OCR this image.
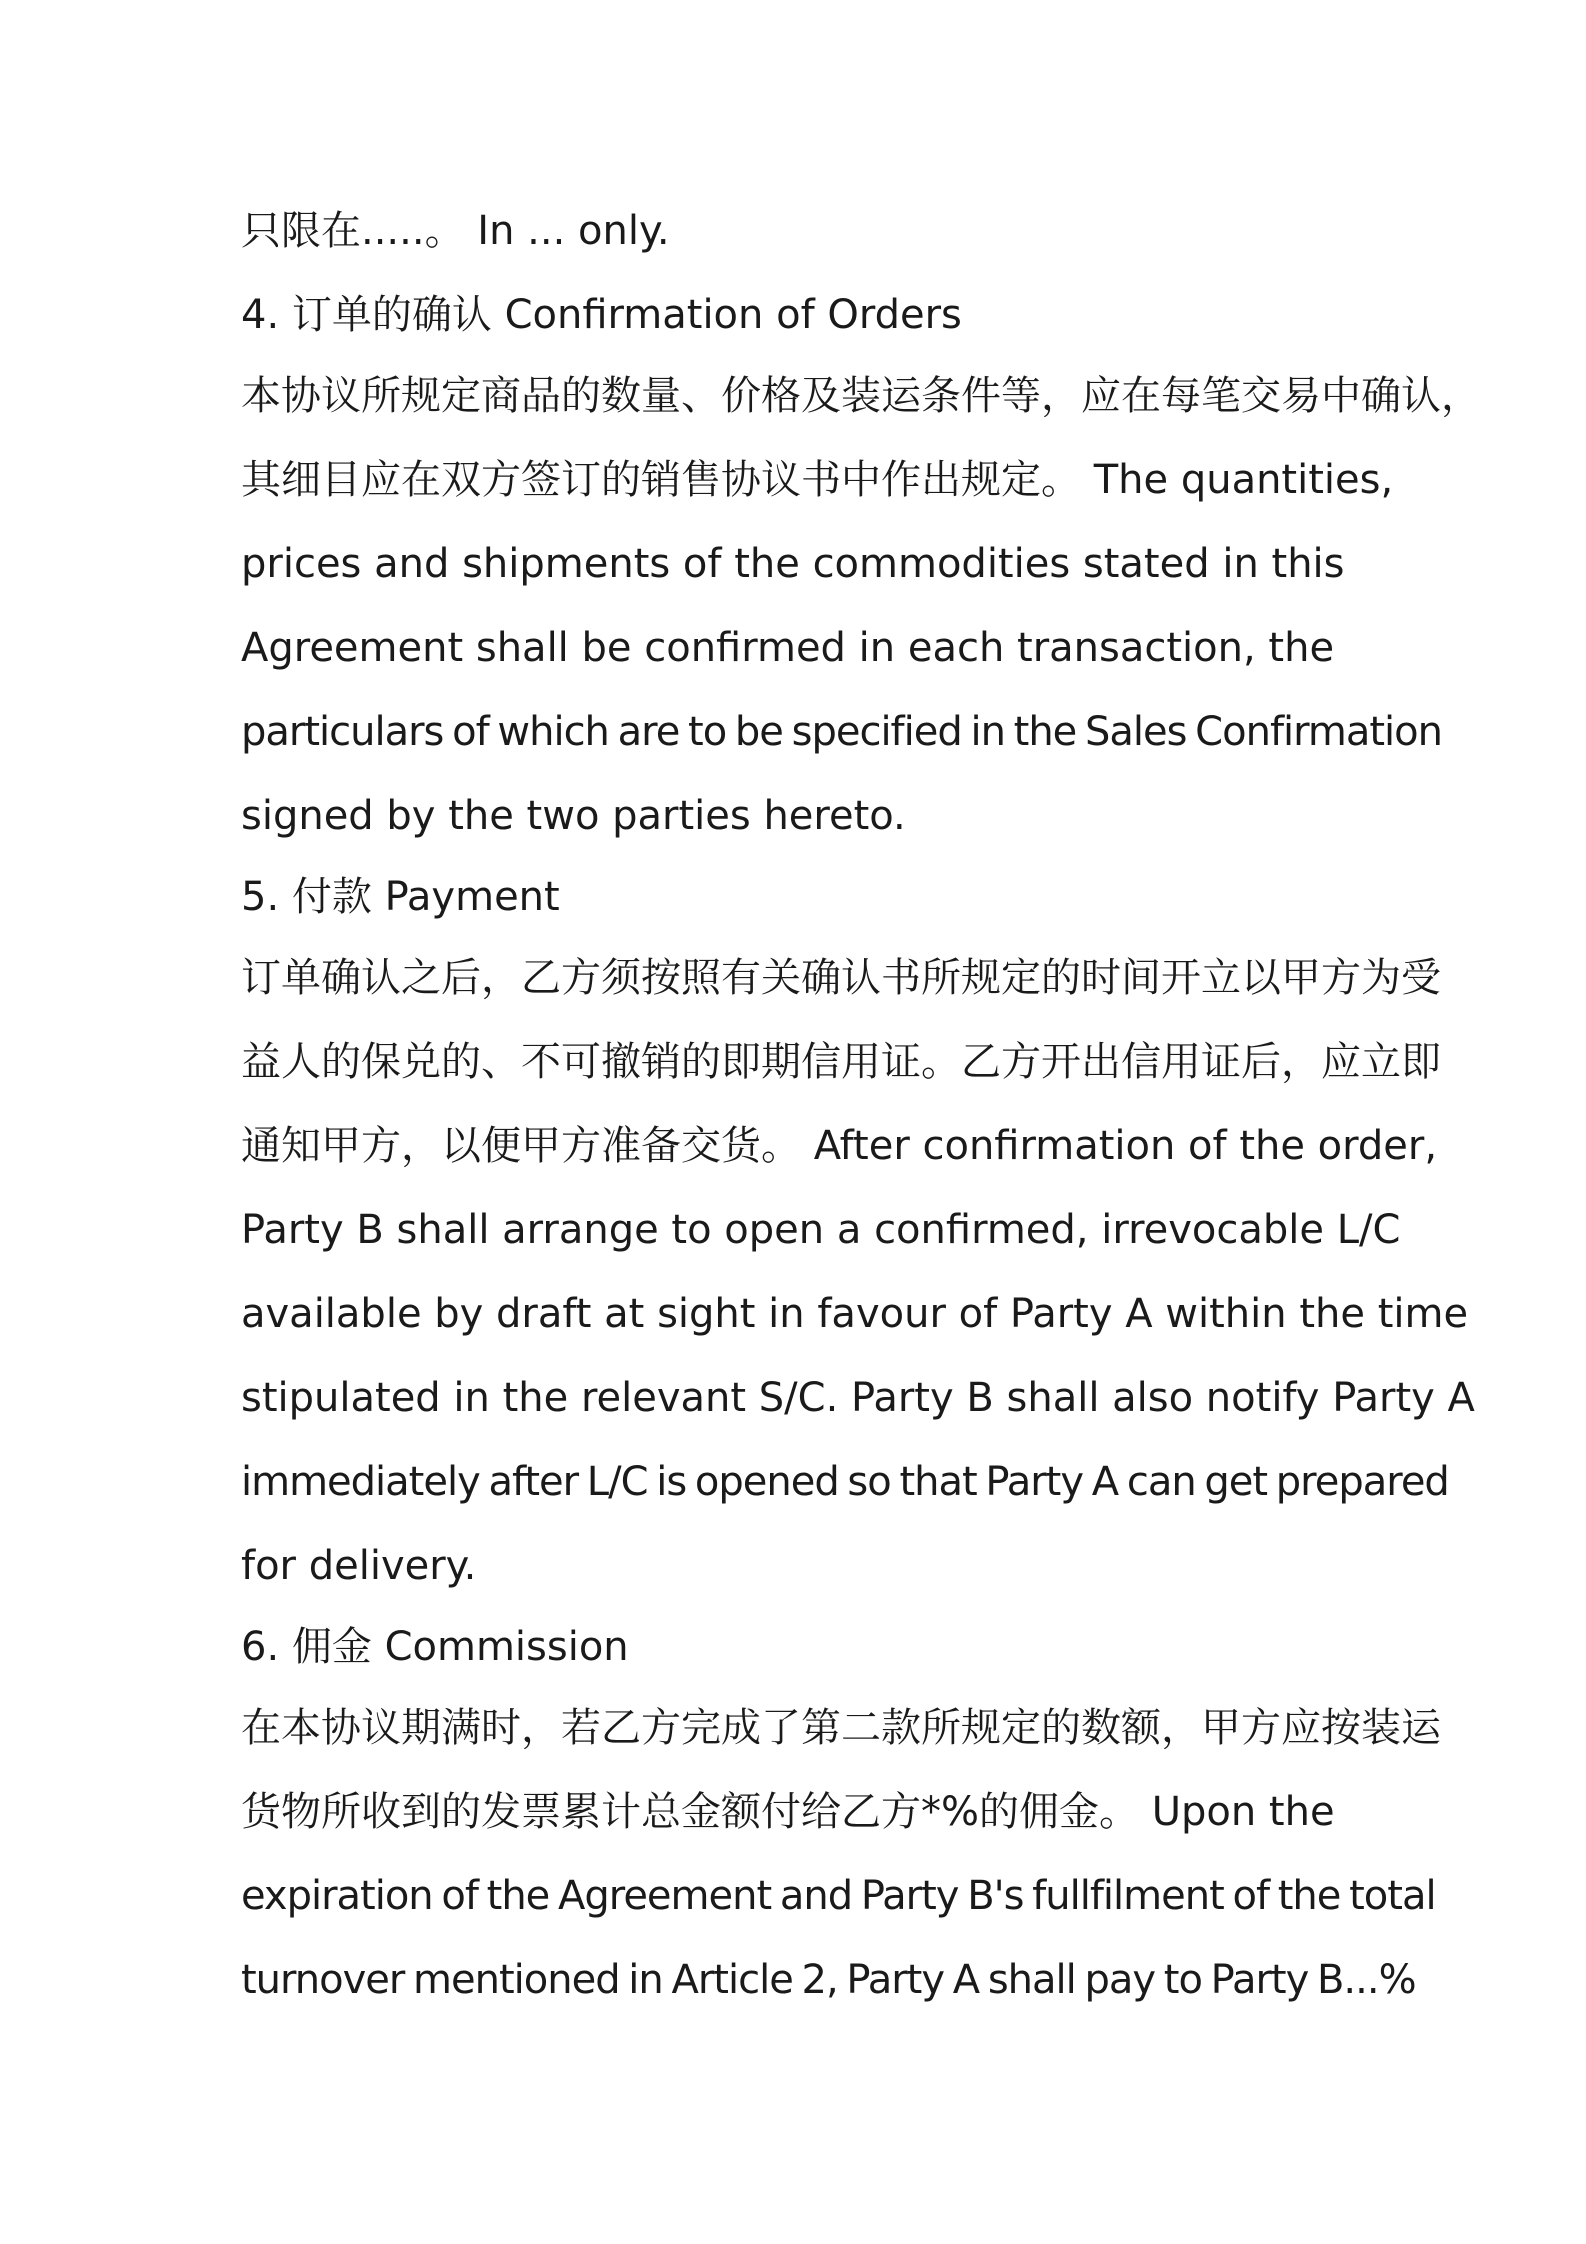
只限在.....。 In ... only.
4. 订单的确认 Confirmation of Orders
本协议所规定商品的数量、价格及装运条件等，应在每笔交易中确认，
其细目应在双方签订的销售协议书中作出规定。 The quantities,
prices and shipments of the commodities stated in this
Agreement shall be confirmed in each transaction, the
particulars of which are to be specified in the Sales Confirmation
signed by the two parties hereto.
5. 付款 Payment
订单确认之后，乙方须按照有关确认书所规定的时间开立以甲方为受
益人的保兑的、不可撤销的即期信用证。乙方开出信用证后，应立即
通知甲方，以便甲方准备交货。 After confirmation of the order,
Party B shall arrange to open a confirmed, irrevocable L/C
available by draft at sight in favour of Party A within the time
stipulated in the relevant S/C. Party B shall also notify Party A
immediately after L/C is opened so that Party A can get prepared
for delivery.
6. 佣金 Commission
在本协议期满时，若乙方完成了第二款所规定的数额，甲方应按装运
货物所收到的发票累计总金额付给乙方*%的佣金。 Upon the
expiration of the Agreement and Party B's fullfilment of the total
turnover mentioned in Article 2, Party A shall pay to Party B...%
